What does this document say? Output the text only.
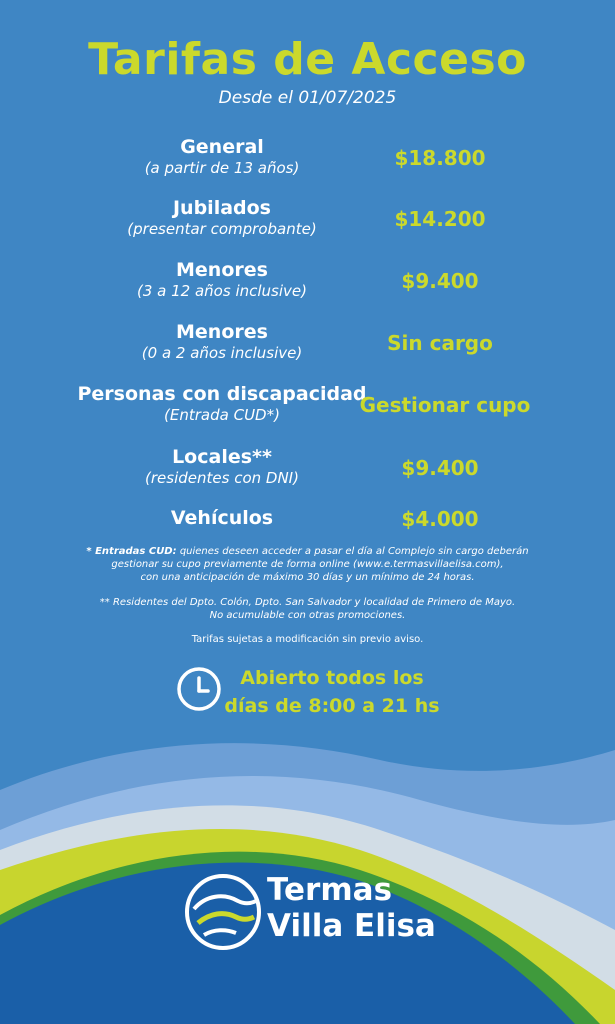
Tarifas de Acceso
Desde el 01/07/2025
General
(a partir de 13 años)	$18.800
Jubilados
(presentar comprobante)	$14.200
Menores
(3 a 12 años inclusive)	$9.400
Menores
(0 a 2 años inclusive)	Sin cargo
Personas con discapacidad
(Entrada CUD*)	Gestionar cupo
Locales**
(residentes con DNI)	$9.400
Vehículos	$4.000
* Entradas CUD: quienes deseen acceder a pasar el día al Complejo sin cargo deberán
gestionar su cupo previamente de forma online (www.e.termasvillaelisa.com),
con una anticipación de máximo 30 días y un mínimo de 24 horas.
** Residentes del Dpto. Colón, Dpto. San Salvador y localidad de Primero de Mayo.
No acumulable con otras promociones.
Tarifas sujetas a modificación sin previo aviso.
Abierto todos los
días de 8:00 a 21 hs
Termas
Villa Elisa
